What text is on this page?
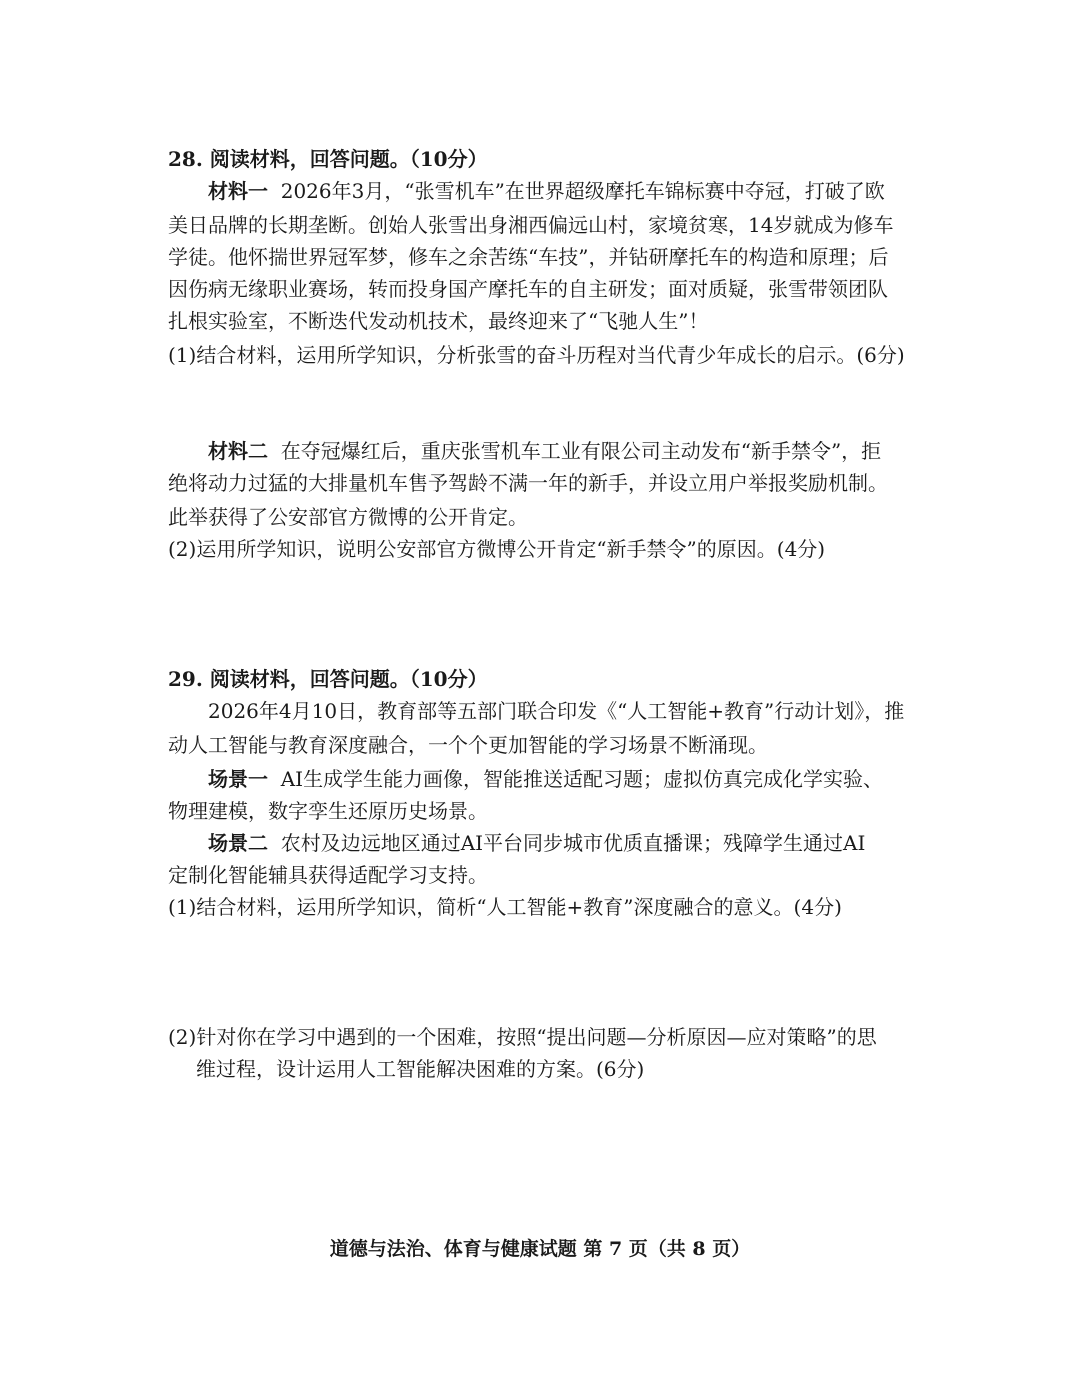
28. 阅读材料，回答问题。（10分）
材料一 2026年3月，“张雪机车”在世界超级摩托车锦标赛中夺冠，打破了欧
美日品牌的长期垄断。创始人张雪出身湘西偏远山村，家境贫寒，14岁就成为修车
学徒。他怀揣世界冠军梦，修车之余苦练“车技”，并钻研摩托车的构造和原理；后
因伤病无缘职业赛场，转而投身国产摩托车的自主研发；面对质疑，张雪带领团队
扎根实验室，不断迭代发动机技术，最终迎来了“飞驰人生”！
(1)结合材料，运用所学知识，分析张雪的奋斗历程对当代青少年成长的启示。(6分)
材料二 在夺冠爆红后，重庆张雪机车工业有限公司主动发布“新手禁令”，拒
绝将动力过猛的大排量机车售予驾龄不满一年的新手，并设立用户举报奖励机制。
此举获得了公安部官方微博的公开肯定。
(2)运用所学知识，说明公安部官方微博公开肯定“新手禁令”的原因。(4分)
29. 阅读材料，回答问题。（10分）
2026年4月10日，教育部等五部门联合印发《“人工智能+教育”行动计划》，推
动人工智能与教育深度融合，一个个更加智能的学习场景不断涌现。
场景一 AI生成学生能力画像，智能推送适配习题；虚拟仿真完成化学实验、
物理建模，数字孪生还原历史场景。
场景二 农村及边远地区通过AI平台同步城市优质直播课；残障学生通过AI
定制化智能辅具获得适配学习支持。
(1)结合材料，运用所学知识，简析“人工智能+教育”深度融合的意义。(4分)
(2)针对你在学习中遇到的一个困难，按照“提出问题—分析原因—应对策略”的思
维过程，设计运用人工智能解决困难的方案。(6分)
道德与法治、体育与健康试题 第 7 页（共 8 页）
